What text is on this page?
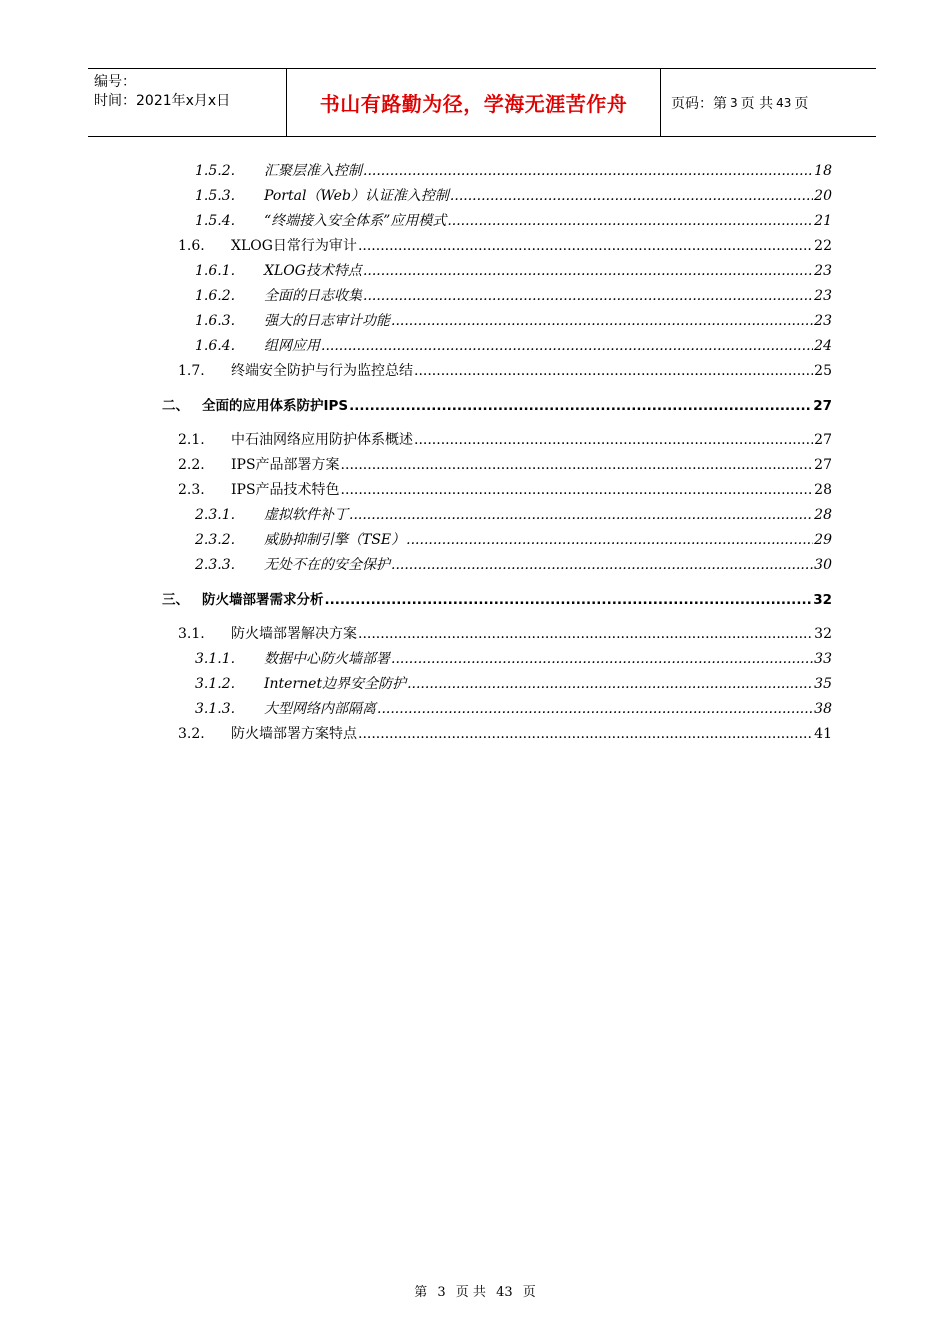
编号：
时间：2021年x月x日	书山有路勤为径，学海无涯苦作舟	页码：第 3 页 共 43 页
1.5.2.	汇聚层准入控制 .....	18
1.5.3.	Portal（Web）认证准入控制 .....	20
1.5.4.	“终端接入安全体系”应用模式 .....	21
1.6.	XLOG日常行为审计 .....	22
1.6.1.	XLOG技术特点 .....	23
1.6.2.	全面的日志收集 .....	23
1.6.3.	强大的日志审计功能 .....	23
1.6.4.	组网应用 .....	24
1.7.	终端安全防护与行为监控总结 .....	25
二、 全面的应用体系防护IPS .....	27
2.1.	中石油网络应用防护体系概述 .....	27
2.2.	IPS产品部署方案 .....	27
2.3.	IPS产品技术特色 .....	28
2.3.1.	虚拟软件补丁 .....	28
2.3.2.	威胁抑制引擎（TSE） .....	29
2.3.3.	无处不在的安全保护 .....	30
三、 防火墙部署需求分析 .....	32
3.1.	防火墙部署解决方案 .....	32
3.1.1.	数据中心防火墙部署 .....	33
3.1.2.	Internet边界安全防护 .....	35
3.1.3.	大型网络内部隔离 .....	38
3.2.	防火墙部署方案特点 .....	41
第 3 页 共 43 页
